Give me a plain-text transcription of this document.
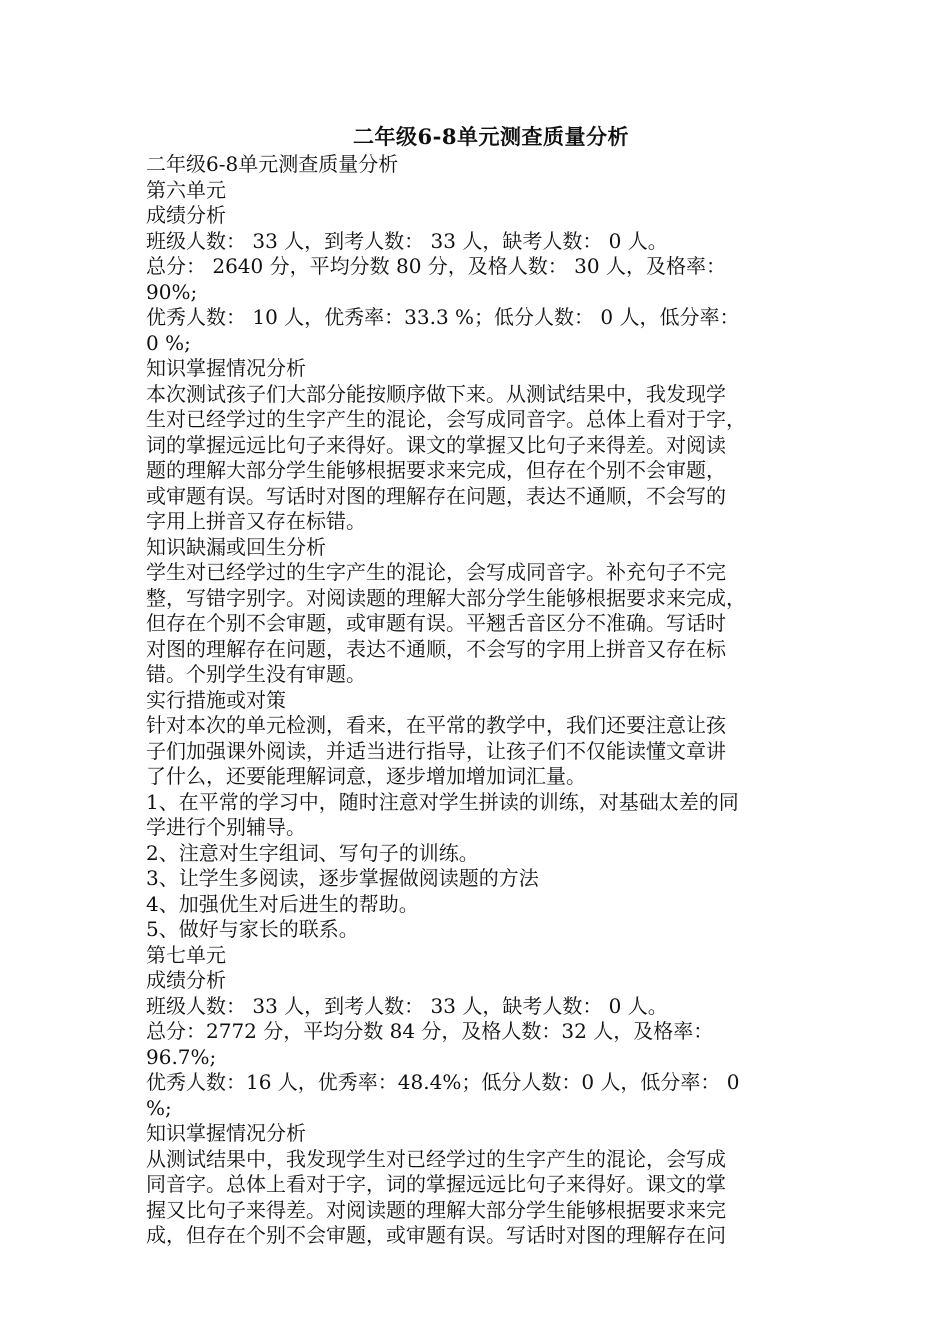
二年级6-8单元测查质量分析

二年级6-8单元测查质量分析

第六单元

成绩分析

班级人数： 33 人，到考人数： 33 人，缺考人数： 0 人。

总分： 2640 分，平均分数 80 分，及格人数： 30 人，及格率：

90%;

优秀人数： 10 人，优秀率：33.3 %；低分人数： 0 人，低分率：

0 %;

知识掌握情况分析

本次测试孩子们大部分能按顺序做下来。从测试结果中，我发现学

生对已经学过的生字产生的混论，会写成同音字。总体上看对于字，

词的掌握远远比句子来得好。课文的掌握又比句子来得差。对阅读

题的理解大部分学生能够根据要求来完成，但存在个别不会审题，

或审题有误。写话时对图的理解存在问题，表达不通顺，不会写的

字用上拼音又存在标错。

知识缺漏或回生分析

学生对已经学过的生字产生的混论，会写成同音字。补充句子不完

整，写错字别字。对阅读题的理解大部分学生能够根据要求来完成，

但存在个别不会审题，或审题有误。平翘舌音区分不准确。写话时

对图的理解存在问题，表达不通顺，不会写的字用上拼音又存在标

错。个别学生没有审题。

实行措施或对策

针对本次的单元检测，看来，在平常的教学中，我们还要注意让孩

子们加强课外阅读，并适当进行指导，让孩子们不仅能读懂文章讲

了什么，还要能理解词意，逐步增加增加词汇量。

1、在平常的学习中，随时注意对学生拼读的训练，对基础太差的同

学进行个别辅导。

2、注意对生字组词、写句子的训练。

3、让学生多阅读，逐步掌握做阅读题的方法

4、加强优生对后进生的帮助。

5、做好与家长的联系。

第七单元

成绩分析

班级人数： 33 人，到考人数： 33 人，缺考人数： 0 人。

总分：2772 分，平均分数 84 分，及格人数：32 人，及格率：

96.7%;

优秀人数：16 人，优秀率：48.4%；低分人数：0 人，低分率： 0

%;

知识掌握情况分析

从测试结果中，我发现学生对已经学过的生字产生的混论，会写成

同音字。总体上看对于字，词的掌握远远比句子来得好。课文的掌

握又比句子来得差。对阅读题的理解大部分学生能够根据要求来完

成，但存在个别不会审题，或审题有误。写话时对图的理解存在问
